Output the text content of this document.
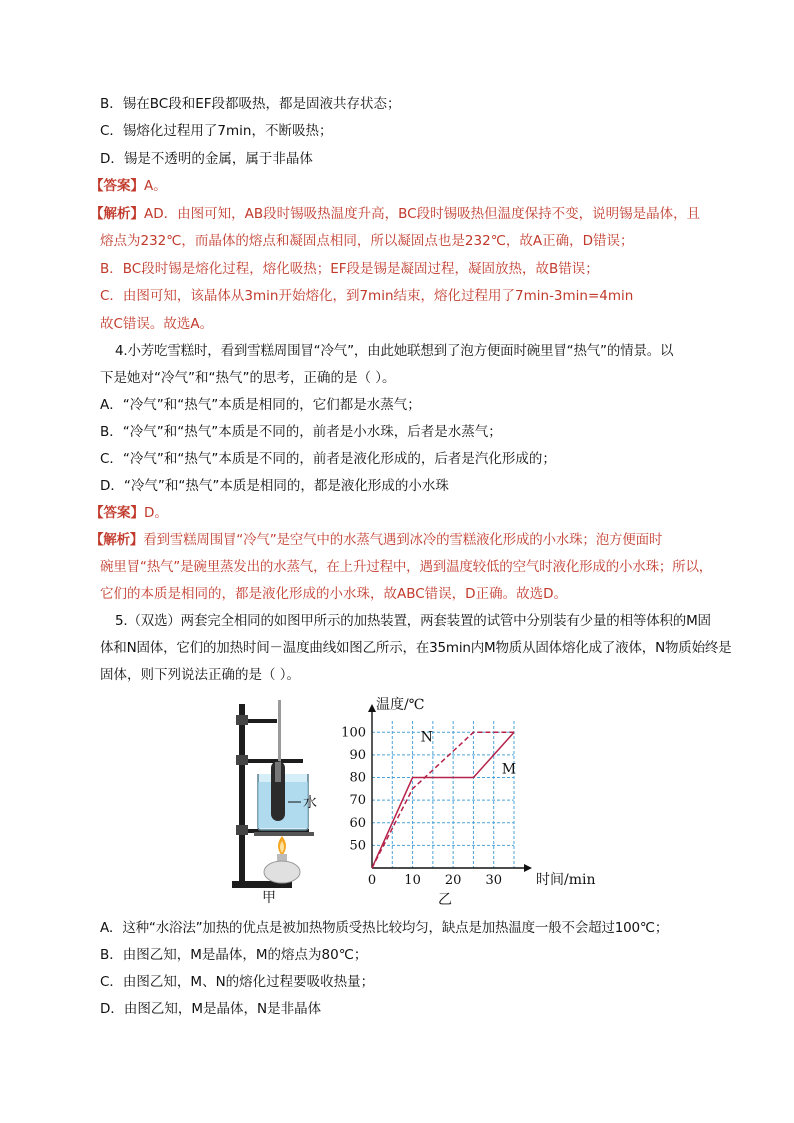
B．锡在BC段和EF段都吸热，都是固液共存状态；
C．锡熔化过程用了7min，不断吸热；
D．锡是不透明的金属，属于非晶体
【答案】A。
【解析】AD．由图可知，AB段时锡吸热温度升高，BC段时锡吸热但温度保持不变，说明锡是晶体，且
熔点为232℃，而晶体的熔点和凝固点相同，所以凝固点也是232℃，故A正确，D错误；
B．BC段时锡是熔化过程，熔化吸热；EF段是锡是凝固过程，凝固放热，故B错误；
C．由图可知，该晶体从3min开始熔化，到7min结束，熔化过程用了7min-3min=4min
故C错误。故选A。
4.小芳吃雪糕时，看到雪糕周围冒“冷气”，由此她联想到了泡方便面时碗里冒“热气”的情景。以
下是她对“冷气”和“热气”的思考，正确的是（ ）。
A．“冷气”和“热气”本质是相同的，它们都是水蒸气；
B．“冷气”和“热气”本质是不同的，前者是小水珠，后者是水蒸气；
C．“冷气”和“热气”本质是不同的，前者是液化形成的，后者是汽化形成的；
D．“冷气”和“热气”本质是相同的，都是液化形成的小水珠
【答案】D。
【解析】看到雪糕周围冒“冷气”是空气中的水蒸气遇到冰冷的雪糕液化形成的小水珠；泡方便面时
碗里冒“热气”是碗里蒸发出的水蒸气，在上升过程中，遇到温度较低的空气时液化形成的小水珠；所以，
它们的本质是相同的，都是液化形成的小水珠，故ABC错误，D正确。故选D。
5.（双选）两套完全相同的如图甲所示的加热装置，两套装置的试管中分别装有少量的相等体积的M固
体和N固体，它们的加热时间－温度曲线如图乙所示，在35min内M物质从固体熔化成了液体，N物质始终是
固体，则下列说法正确的是（ ）。
水
甲
0 10 20 30
50
60
70
80
90
100
M
N
温度/℃
时间/min
乙
A．这种“水浴法”加热的优点是被加热物质受热比较均匀，缺点是加热温度一般不会超过100℃；
B．由图乙知，M是晶体，M的熔点为80℃；
C．由图乙知，M、N的熔化过程要吸收热量；
D．由图乙知，M是晶体，N是非晶体
